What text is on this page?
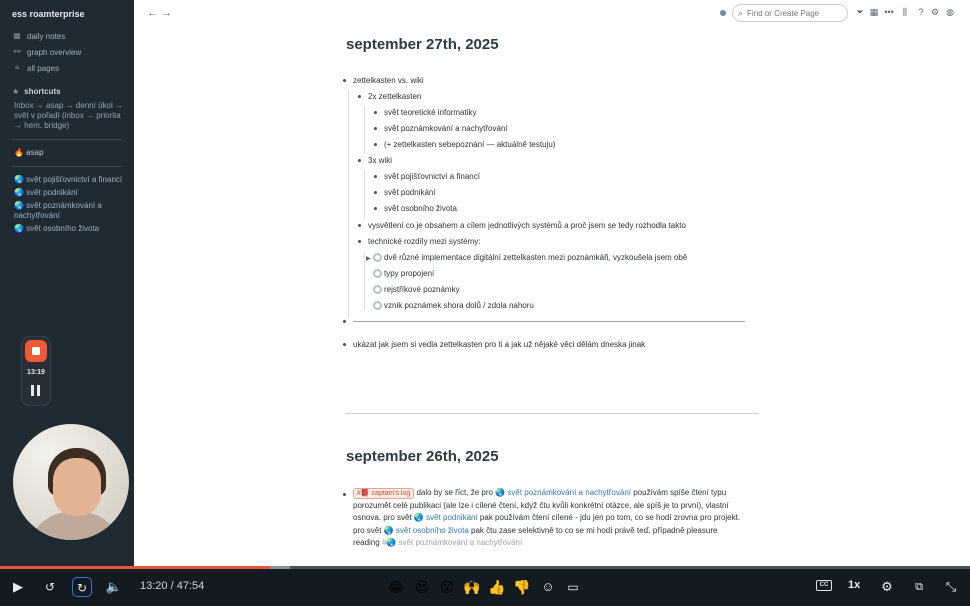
ess roamterprise
▦ daily notes
⚯ graph overview
≡ all pages
★ shortcuts
Inbox → asap → denní úkol → svět v pořadí (inbox → priorita → hem. bridge)
🔥 asap
🌏 svět pojišťovnictví a financí
🌏 svět podnikání
🌏 svět poznámkování a nachytřování
🌏 svět osobního života
13:19
← →	⌕
Find or Create Page	⏷ ▦ •••	⫼	? ⚙ ◍
september 27th, 2025
zettelkasten vs. wiki
2x zettelkasten
svět teoretické informatiky
svět poznámkování a nachytřování
(+ zettelkasten sebepoznání — aktuálně testuju)
3x wiki
svět pojišťovnictví a financí
svět podnikání
svět osobního života
vysvětlení co je obsahem a cílem jednotlivých systémů a proč jsem se tedy rozhodla takto
technické rozdíly mezi systémy:
▶ dvě různé implementace digitální zettelkasten mezi poznámkáři, vyzkoušela jsem obě
typy propojení
rejstříkové poznámky
vznik poznámek shora dolů / zdola nahoru
ukázat jak jsem si vedla zettelkasten pro ti a jak už nějaké věci dělám dneska jinak
september 26th, 2025
#📕 captain's log dalo by se říct, že pro 🌏 svět poznámkování a nachytřování používám spíše čtení typu porozumět celé publikaci (ale lze i cílené čtení, když čtu kvůli konkrétní otázce, ale spíš je to první), vlastní osnova. pro svět 🌏 svět podnikání pak používám čtení cílené - jdu jen po tom, co se hodí zrovna pro projekt. pro svět 🌏 svět osobního života pak čtu zase selektivně to co se mi hodí právě teď, případně pleasure reading #🌏 svět poznámkování a nachytřování
▶	↺	↻	🔈 13:20 / 47:54	😂 😍 😮 🙌 👍 👎 ☺	▭	CC	1x	⚙	⧉	⤡
